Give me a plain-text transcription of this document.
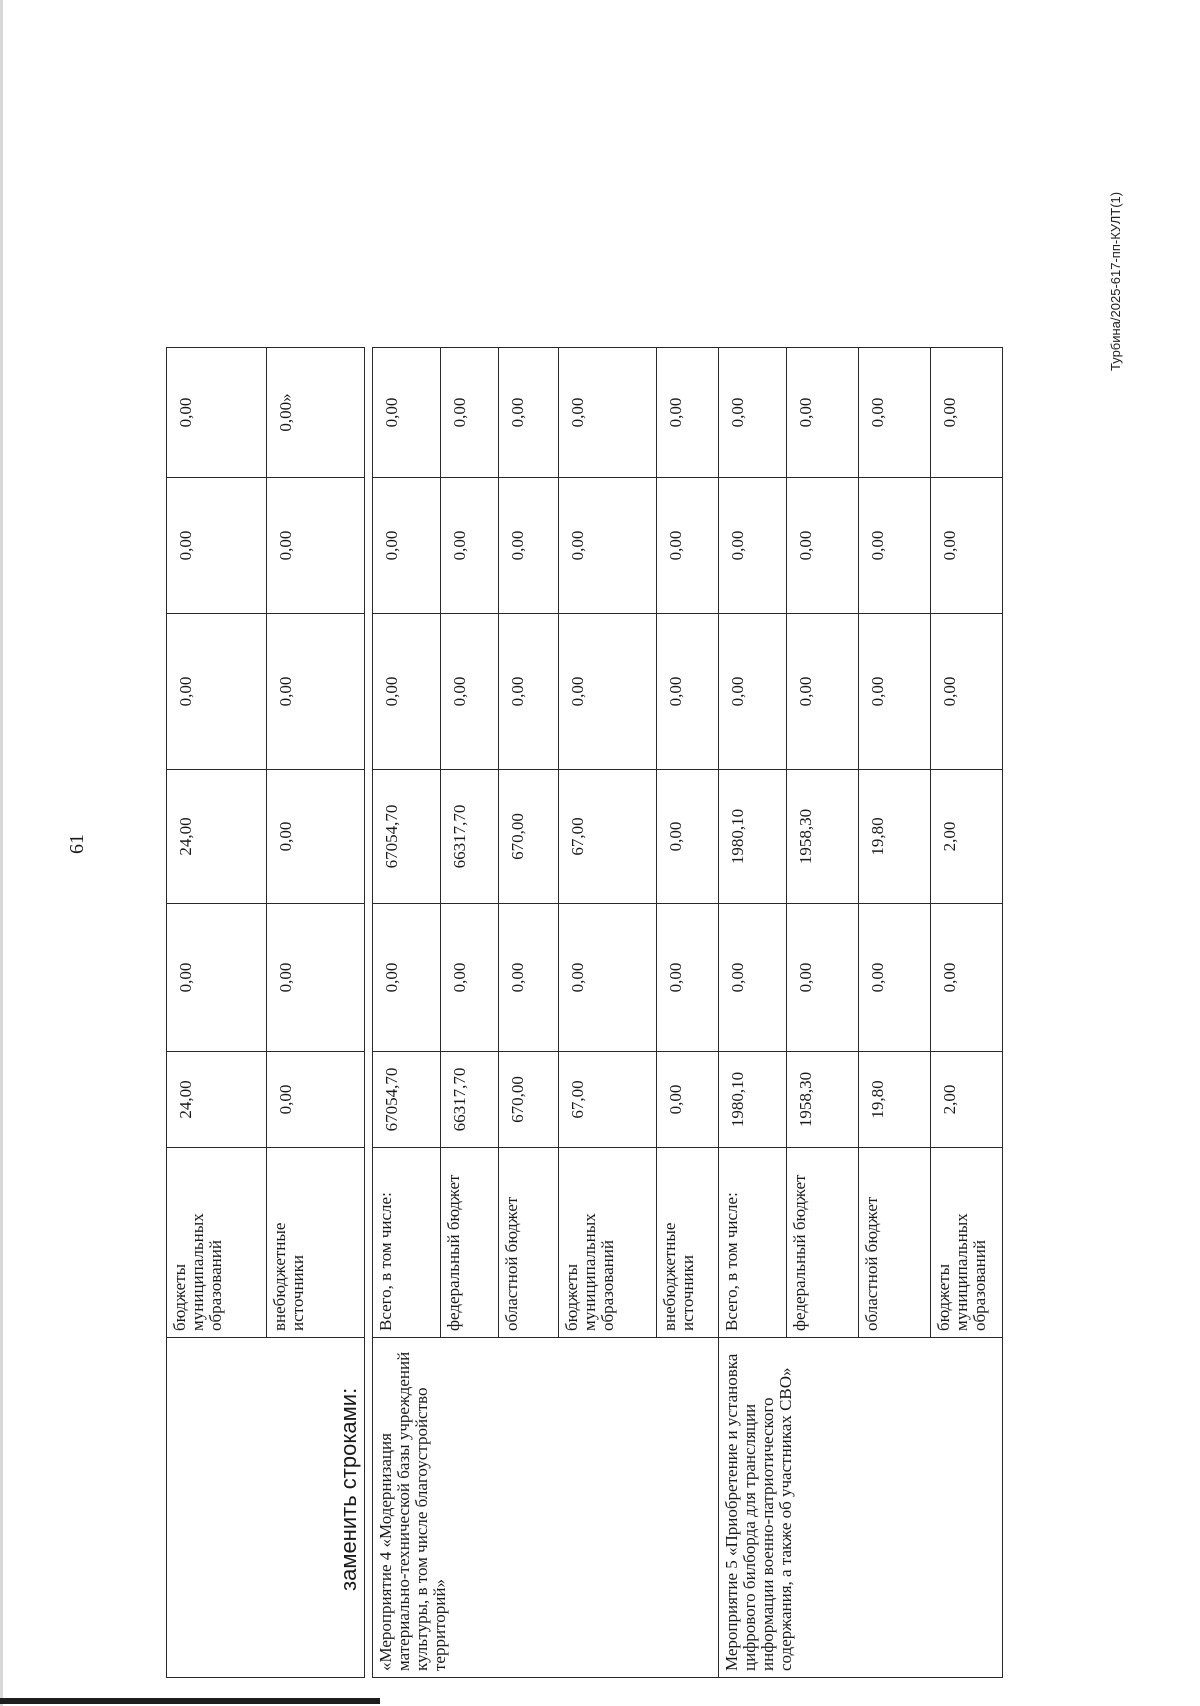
61
	бюджеты муниципальных образований	24,00	0,00	24,00	0,00	0,00	0,00
	внебюджетные источники	0,00	0,00	0,00	0,00	0,00	0,00»
заменить строками: «Мероприятие 4 «Модернизация материально-технической базы учреждений культуры, в том числе благоустройство территорий»	Всего, в том числе:	67054,70	0,00	67054,70	0,00	0,00	0,00
	федеральный бюджет	66317,70	0,00	66317,70	0,00	0,00	0,00
	областной бюджет	670,00	0,00	670,00	0,00	0,00	0,00
	бюджеты муниципальных образований	67,00	0,00	67,00	0,00	0,00	0,00
	внебюджетные источники	0,00	0,00	0,00	0,00	0,00	0,00
Мероприятие 5 «Приобретение и установка цифрового билборда для трансляции информации военно-патриотического содержания, а также об участниках СВО»	Всего, в том числе:	1980,10	0,00	1980,10	0,00	0,00	0,00
	федеральный бюджет	1958,30	0,00	1958,30	0,00	0,00	0,00
	областной бюджет	19,80	0,00	19,80	0,00	0,00	0,00
	бюджеты муниципальных образований	2,00	0,00	2,00	0,00	0,00	0,00
Турбина/2025-617-пп-КУЛТ(1)
